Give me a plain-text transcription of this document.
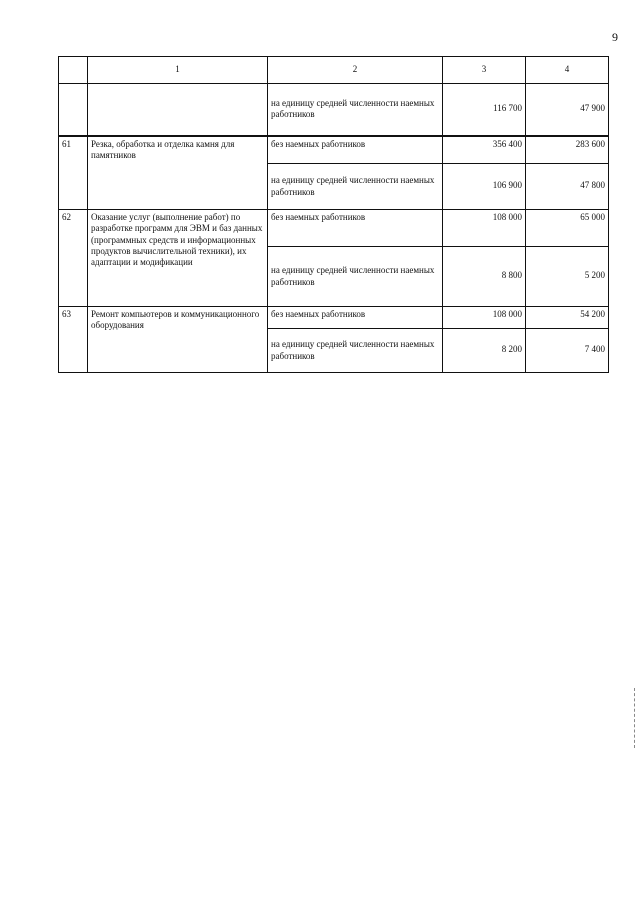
9
	1	2	3	4
		на единицу средней численности наемных работников	116 700	47 900
61	Резка, обработка и отделка камня для памятников	без наемных работников	356 400	283 600
		на единицу средней численности наемных работников	106 900	47 800
62	Оказание услуг (выполнение работ) по разработке программ для ЭВМ и баз данных (программных средств и информационных продуктов вычислительной техники), их адаптации и модификации	без наемных работников	108 000	65 000
		на единицу средней численности наемных работников	8 800	5 200
63	Ремонт компьютеров и коммуникационного оборудования	без наемных работников	108 000	54 200
		на единицу средней численности наемных работников	8 200	7 400
